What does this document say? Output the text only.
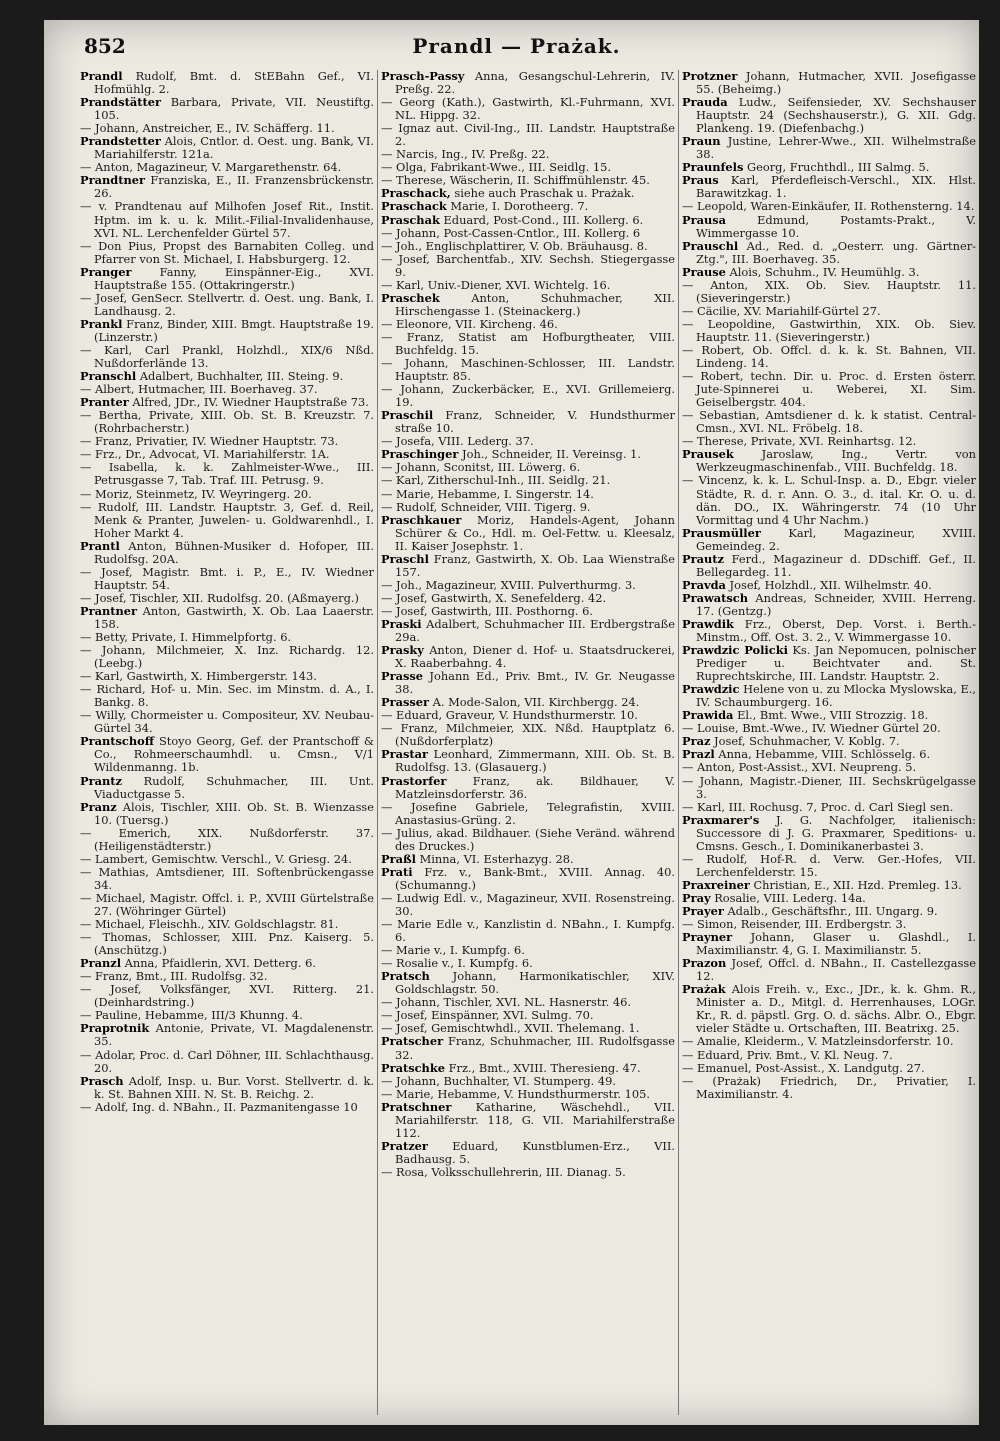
852	Prandl — Prażak.

Prandl Rudolf, Bmt. d. StEBahn Gef., VI. Hofmühlg. 2.

Prandstätter Barbara, Private, VII. Neustiftg. 105.

— Johann, Anstreicher, E., IV. Schäfferg. 11.

Prandstetter Alois, Cntlor. d. Oest. ung. Bank, VI. Mariahilferstr. 121a.

— Anton, Magazineur, V. Margarethenstr. 64.

Prandtner Franziska, E., II. Franzensbrückenstr. 26.

— v. Prandtenau auf Milhofen Josef Rit., Instit. Hptm. im k. u. k. Milit.-Filial-Invalidenhause, XVI. NL. Lerchenfelder Gürtel 57.

— Don Pius, Propst des Barnabiten Colleg. und Pfarrer von St. Michael, I. Habsburgerg. 12.

Pranger Fanny, Einspänner-Eig., XVI. Hauptstraße 155. (Ottakringerstr.)

— Josef, GenSecr. Stellvertr. d. Oest. ung. Bank, I. Landhausg. 2.

Prankl Franz, Binder, XIII. Bmgt. Hauptstraße 19. (Linzerstr.)

— Karl, Carl Prankl, Holzhdl., XIX/6 Nßd. Nußdorferlände 13.

Pranschl Adalbert, Buchhalter, III. Steing. 9.

— Albert, Hutmacher, III. Boerhaveg. 37.

Pranter Alfred, JDr., IV. Wiedner Hauptstraße 73.

— Bertha, Private, XIII. Ob. St. B. Kreuzstr. 7. (Rohrbacherstr.)

— Franz, Privatier, IV. Wiedner Hauptstr. 73.

— Frz., Dr., Advocat, VI. Mariahilferstr. 1A.

— Isabella, k. k. Zahlmeister-Wwe., III. Petrusgasse 7, Tab. Traf. III. Petrusg. 9.

— Moriz, Steinmetz, IV. Weyringerg. 20.

— Rudolf, III. Landstr. Hauptstr. 3, Gef. d. Reil, Menk & Pranter, Juwelen- u. Goldwarenhdl., I. Hoher Markt 4.

Prantl Anton, Bühnen-Musiker d. Hofoper, III. Rudolfsg. 20A.

— Josef, Magistr. Bmt. i. P., E., IV. Wiedner Hauptstr. 54.

— Josef, Tischler, XII. Rudolfsg. 20. (Aßmayerg.)

Prantner Anton, Gastwirth, X. Ob. Laa Laaerstr. 158.

— Betty, Private, I. Himmelpfortg. 6.

— Johann, Milchmeier, X. Inz. Richardg. 12. (Leebg.)

— Karl, Gastwirth, X. Himbergerstr. 143.

— Richard, Hof- u. Min. Sec. im Minstm. d. A., I. Bankg. 8.

— Willy, Chormeister u. Compositeur, XV. Neubau-Gürtel 34.

Prantschoff Stoyo Georg, Gef. der Prantschoff & Co., Rohmeerschaumhdl. u. Cmsn., V/1 Wildenmanng. 1b.

Prantz Rudolf, Schuhmacher, III. Unt. Viaductgasse 5.

Pranz Alois, Tischler, XIII. Ob. St. B. Wienzasse 10. (Tuersg.)

— Emerich, XIX. Nußdorferstr. 37. (Heiligenstädterstr.)

— Lambert, Gemischtw. Verschl., V. Griesg. 24.

— Mathias, Amtsdiener, III. Softenbrückengasse 34.

— Michael, Magistr. Offcl. i. P., XVIII Gürtelstraße 27. (Wöhringer Gürtel)

— Michael, Fleischh., XIV. Goldschlagstr. 81.

— Thomas, Schlosser, XIII. Pnz. Kaiserg. 5. (Anschützg.)

Pranzl Anna, Pfaidlerin, XVI. Detterg. 6.

— Franz, Bmt., III. Rudolfsg. 32.

— Josef, Volksfänger, XVI. Ritterg. 21. (Deinhardstring.)

— Pauline, Hebamme, III/3 Khunng. 4.

Praprotnik Antonie, Private, VI. Magdalenenstr. 35.

— Adolar, Proc. d. Carl Döhner, III. Schlachthausg. 20.

Prasch Adolf, Insp. u. Bur. Vorst. Stellvertr. d. k. k. St. Bahnen XIII. N. St. B. Reichg. 2.

— Adolf, Ing. d. NBahn., II. Pazmanitengasse 10

Prasch-Passy Anna, Gesangschul-Lehrerin, IV. Preßg. 22.

— Georg (Kath.), Gastwirth, Kl.-Fuhrmann, XVI. NL. Hippg. 32.

— Ignaz aut. Civil-Ing., III. Landstr. Hauptstraße 2.

— Narcis, Ing., IV. Preßg. 22.

— Olga, Fabrikant-Wwe., III. Seidlg. 15.

— Therese, Wäscherin, II. Schiffmühlenstr. 45.

Praschack, siehe auch Praschak u. Prażak.

Praschack Marie, I. Dorotheerg. 7.

Praschak Eduard, Post-Cond., III. Kollerg. 6.

— Johann, Post-Cassen-Cntlor., III. Kollerg. 6

— Joh., Englischplattirer, V. Ob. Bräuhausg. 8.

— Josef, Barchentfab., XIV. Sechsh. Stiegergasse 9.

— Karl, Univ.-Diener, XVI. Wichtelg. 16.

Praschek	Anton, Schuhmacher, XII. Hirschengasse 1. (Steinackerg.)

— Eleonore, VII. Kircheng. 46.

— Franz, Statist am Hofburgtheater, VIII. Buchfeldg. 15.

— Johann, Maschinen-Schlosser, III. Landstr. Hauptstr. 85.

— Johann, Zuckerbäcker, E., XVI. Grillemeierg. 19.

Praschil Franz, Schneider, V. Hundsthurmer straße 10.

— Josefa, VIII. Lederg. 37.

Praschinger Joh., Schneider, II. Vereinsg. 1.

— Johann, Sconitst, III. Löwerg. 6.

— Karl, Zitherschul-Inh., III. Seidlg. 21.

— Marie, Hebamme, I. Singerstr. 14.

— Rudolf, Schneider, VIII. Tigerg. 9.

Praschkauer Moriz, Handels-Agent, Johann Schürer & Co., Hdl. m. Oel-Fettw. u. Kleesalz, II. Kaiser Josephstr. 1.

Praschl Franz, Gastwirth, X. Ob. Laa Wienstraße 157.

— Joh., Magazineur, XVIII. Pulverthurmg. 3.

— Josef, Gastwirth, X. Senefelderg. 42.

— Josef, Gastwirth, III. Posthorng. 6.

Praski Adalbert, Schuhmacher III. Erdbergstraße 29a.

Prasky Anton, Diener d. Hof- u. Staatsdruckerei, X. Raaberbahng. 4.

Prasse Johann Ed., Priv. Bmt., IV. Gr. Neugasse 38.

Prasser A. Mode-Salon, VII. Kirchbergg. 24.

— Eduard, Graveur, V. Hundsthurmerstr. 10.

— Franz, Milchmeier, XIX. Nßd. Hauptplatz 6. (Nußdorferplatz)

Prastar Leonhard, Zimmermann, XIII. Ob. St. B. Rudolfsg. 13. (Glasauerg.)

Prastorfer Franz, ak. Bildhauer, V. Matzleinsdorferstr. 36.

— Josefine Gabriele, Telegrafistin, XVIII. Anastasius-Grüng. 2.

— Julius, akad. Bildhauer. (Siehe Veränd. während des Druckes.)

Praßl Minna, VI. Esterhazyg. 28.

Prati Frz. v., Bank-Bmt., XVIII. Annag. 40. (Schumanng.)

— Ludwig Edl. v., Magazineur, XVII. Rosenstreing. 30.

— Marie Edle v., Kanzlistin d. NBahn., I. Kumpfg. 6.

— Marie v., I. Kumpfg. 6.

— Rosalie v., I. Kumpfg. 6.

Pratsch Johann, Harmonikatischler, XIV. Goldschlagstr. 50.

— Johann, Tischler, XVI. NL. Hasnerstr. 46.

— Josef, Einspänner, XVI. Sulmg. 70.

— Josef, Gemischtwhdl., XVII. Thelemang. 1.

Pratscher Franz, Schuhmacher, III. Rudolfsgasse 32.

Pratschke Frz., Bmt., XVIII. Theresieng. 47.

— Johann, Buchhalter, VI. Stumperg. 49.

— Marie, Hebamme, V. Hundsthurmerstr. 105.

Pratschner Katharine, Wäschehdl., VII. Mariahilferstr. 118, G. VII. Mariahilferstraße 112.

Pratzer Eduard, Kunstblumen-Erz., VII. Badhausg. 5.

— Rosa, Volksschullehrerin, III. Dianag. 5.

Protzner Johann, Hutmacher, XVII. Josefigasse 55. (Beheimg.)

Prauda Ludw., Seifensieder, XV. Sechshauser Hauptstr. 24 (Sechshauserstr.), G. XII. Gdg. Plankeng. 19. (Diefenbachg.)

Praun Justine, Lehrer-Wwe., XII. Wilhelmstraße 38.

Praunfels Georg, Fruchthdl., III Salmg. 5.

Praus Karl, Pferdefleisch-Verschl., XIX. Hlst. Barawitzkag. 1.

— Leopold, Waren-Einkäufer, II. Rothensterng. 14.

Prausa	Edmund, Postamts-Prakt., V. Wimmergasse 10.

Prauschl Ad., Red. d. „Oesterr. ung. Gärtner-Ztg.", III. Boerhaveg. 35.

Prause Alois, Schuhm., IV. Heumühlg. 3.

— Anton, XIX. Ob. Siev. Hauptstr. 11. (Sieveringerstr.)

— Cäcilie, XV. Mariahilf-Gürtel 27.

— Leopoldine, Gastwirthin, XIX. Ob. Siev. Hauptstr. 11. (Sieveringerstr.)

— Robert, Ob. Offcl. d. k. k. St. Bahnen, VII. Lindeng. 14.

— Robert, techn. Dir. u. Proc. d. Ersten österr. Jute-Spinnerei u. Weberei, XI. Sim. Geiselbergstr. 404.

— Sebastian, Amtsdiener d. k. k statist. Central-Cmsn., XVI. NL. Fröbelg. 18.

— Therese, Private, XVI. Reinhartsg. 12.

Prausek Jaroslaw, Ing., Vertr. von Werkzeugmaschinenfab., VIII. Buchfeldg. 18.

— Vincenz, k. k. L. Schul-Insp. a. D., Ebgr. vieler Städte, R. d. r. Ann. O. 3., d. ital. Kr. O. u. d. dän. DO., IX. Währingerstr. 74 (10 Uhr Vormittag und 4 Uhr Nachm.)

Prausmüller Karl, Magazineur, XVIII. Gemeindeg. 2.

Prautz Ferd., Magazineur d. DDschiff. Gef., II. Bellegardeg. 11.

Pravda Josef, Holzhdl., XII. Wilhelmstr. 40.

Prawatsch Andreas, Schneider, XVIII. Herreng. 17. (Gentzg.)

Prawdik Frz., Oberst, Dep. Vorst. i. Berth.-Minstm., Off. Ost. 3. 2., V. Wimmergasse 10.

Prawdzic Policki Ks. Jan Nepomucen, polnischer Prediger u. Beichtvater and. St. Ruprechtskirche, III. Landstr. Hauptstr. 2.

Prawdzic Helene von u. zu Mlocka Myslowska, E., IV. Schaumburgerg. 16.

Prawida El., Bmt. Wwe., VIII Strozzig. 18.

— Louise, Bmt.-Wwe., IV. Wiedner Gürtel 20.

Praz Josef, Schuhmacher, V. Koblg. 7.

Prazl Anna, Hebamme, VIII. Schlösselg. 6.

— Anton, Post-Assist., XVI. Neupreng. 5.

— Johann, Magistr.-Diener, III. Sechskrügelgasse 3.

— Karl, III. Rochusg. 7, Proc. d. Carl Siegl sen.

Praxmarer's J. G. Nachfolger, italienisch: Successore di J. G. Praxmarer, Speditions- u. Cmsns. Gesch., I. Dominikanerbastei 3.

— Rudolf, Hof-R. d. Verw. Ger.-Hofes, VII. Lerchenfelderstr. 15.

Praxreiner Christian, E., XII. Hzd. Premleg. 13.

Pray Rosalie, VIII. Lederg. 14a.

Prayer Adalb., Geschäftsfhr., III. Ungarg. 9.

— Simon, Reisender, III. Erdbergstr. 3.

Prayner Johann, Glaser u. Glashdl., I. Maximilianstr. 4, G. I. Maximilianstr. 5.

Prazon Josef, Offcl. d. NBahn., II. Castellezgasse 12.

Prażak Alois Freih. v., Exc., JDr., k. k. Ghm. R., Minister a. D., Mitgl. d. Herrenhauses, LOGr. Kr., R. d. päpstl. Grg. O. d. sächs. Albr. O., Ebgr. vieler Städte u. Ortschaften, III. Beatrixg. 25.

— Amalie, Kleiderm., V. Matzleinsdorferstr. 10.

— Eduard, Priv. Bmt., V. Kl. Neug. 7.

— Emanuel, Post-Assist., X. Landgutg. 27.

— (Prażak) Friedrich, Dr., Privatier, I. Maximilianstr. 4.
